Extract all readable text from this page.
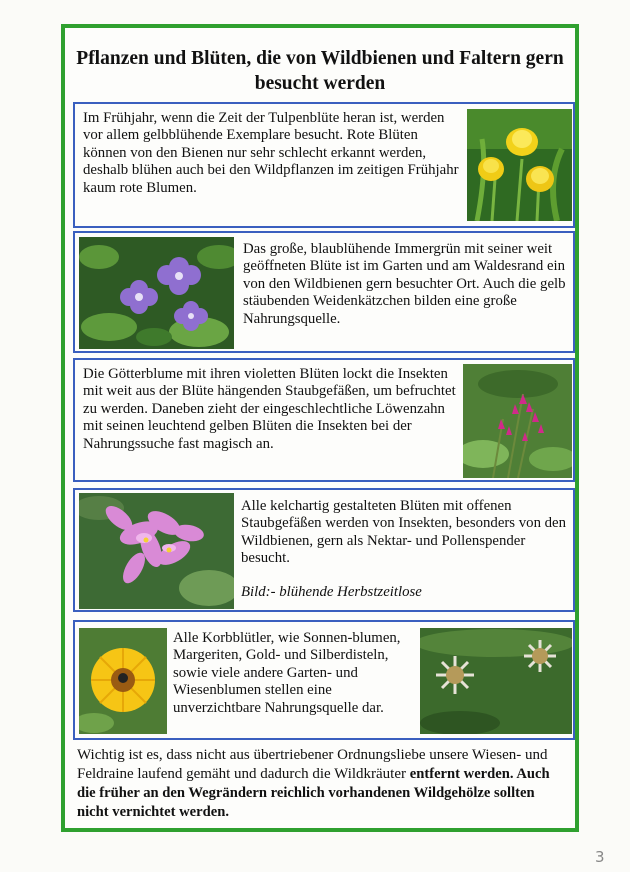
Pflanzen und Blüten, die von Wildbienen und Faltern gern besucht werden
Im Frühjahr, wenn die Zeit der Tulpenblüte heran ist, werden vor allem gelbblühende Exemplare besucht. Rote Blüten können von den Bienen nur sehr schlecht erkannt werden, deshalb blühen auch bei den Wildpflanzen im zeitigen Frühjahr kaum rote Blumen.
Das große, blaublühende Immergrün mit seiner weit geöffneten Blüte ist im Garten und am Waldesrand ein von den Wildbienen gern besuchter Ort. Auch die gelb stäubenden Weidenkätzchen bilden eine große Nahrungsquelle.
Die Götterblume mit ihren violetten Blüten lockt die Insekten mit weit aus der Blüte hängenden Staubgefäßen, um befruchtet zu werden. Daneben zieht der eingeschlechtliche Löwenzahn mit seinen leuchtend gelben Blüten die Insekten bei der Nahrungssuche fast magisch an.
Alle kelchartig gestalteten Blüten mit offenen Staubgefäßen werden von Insekten, besonders von den Wildbienen, gern als Nektar- und Pollenspender besucht.
Bild:- blühende Herbstzeitlose
Alle Korbblütler, wie Sonnen-blumen, Margeriten, Gold- und Silberdisteln, sowie viele andere Garten- und Wiesenblumen stellen eine unverzichtbare Nahrungsquelle dar.
Wichtig ist es, dass nicht aus übertriebener Ordnungsliebe unsere Wiesen- und Feldraine laufend gemäht und dadurch die Wildkräuter entfernt werden. Auch die früher an den Wegrändern reichlich vorhandenen Wildgehölze sollten nicht vernichtet werden.
3
